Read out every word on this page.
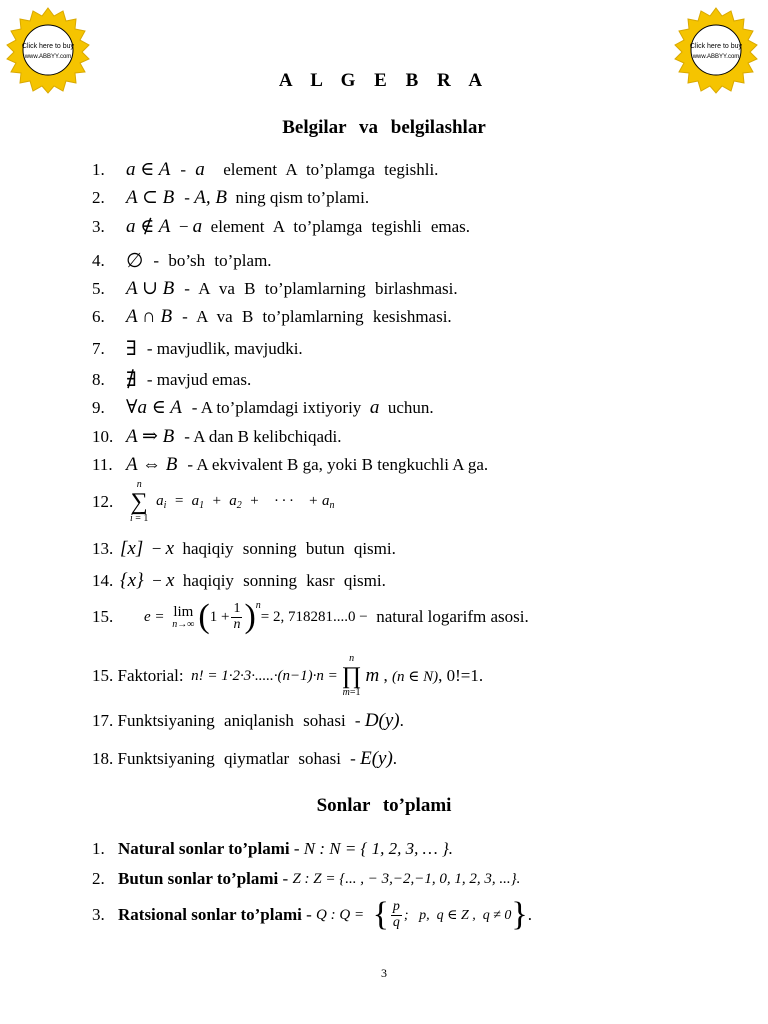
Click here to buy
www.ABBYY.com
Click here to buy
www.ABBYY.com
A L G E B R A
Belgilar va belgilashlar
1.	a ∈ A - a	element A to’plamga tegishli.
2.	A ⊂ B - A, B ning qism to’plami.
3.	a ∉ A − a element A to’plamga tegishli emas.
4.	∅ - bo’sh to’plam.
5.	A ∪ B - A va B to’plamlarning birlashmasi.
6.	A ∩ B - A va B to’plamlarning kesishmasi.
7.	∃ - mavjudlik, mavjudki.
8.	∄ - mavjud emas.
9.	∀a ∈ A - A to’plamdagi ixtiyoriy a uchun.
10. A ⇒ B - A dan B kelibchiqadi.
11. A ⇔ B - A ekvivalent B ga, yoki B tengkuchli A ga.
12.
n
∑
i = 1
$a_i = a_1 + a_2$  +    · · ·    + $a_n$
13. [x] − x haqiqiy sonning butun qismi.
14. {x} − x haqiqiy sonning kasr qismi.
15.	e = lim
n→∞ ( $1 + \frac{1}{n} )^n$
= 2, 718281....0 −
natural logarifm asosi.
15. Faktorial: n! = 1·2·3·.....·(n−1)·n =
n
∏
m=1
m , (n ∈ N) , 0!=1.
17.
Funktsiyaning aniqlanish sohasi -
D(y) .
18.
Funktsiyaning qiymatlar sohasi -
E(y) .
Sonlar to’plami
1. Natural sonlar to’plami
-
N : N = { 1, 2, 3, … }.
2. Butun sonlar to’plami
-
Z : Z = {... , − 3,−2,−1, 0, 1, 2, 3, ...}.
3. Ratsional sonlar to’plami
-
Q : Q = { $\frac{p}{q}$ ;   p,  q ∈ Z ,  q ≠ 0 } .
3
